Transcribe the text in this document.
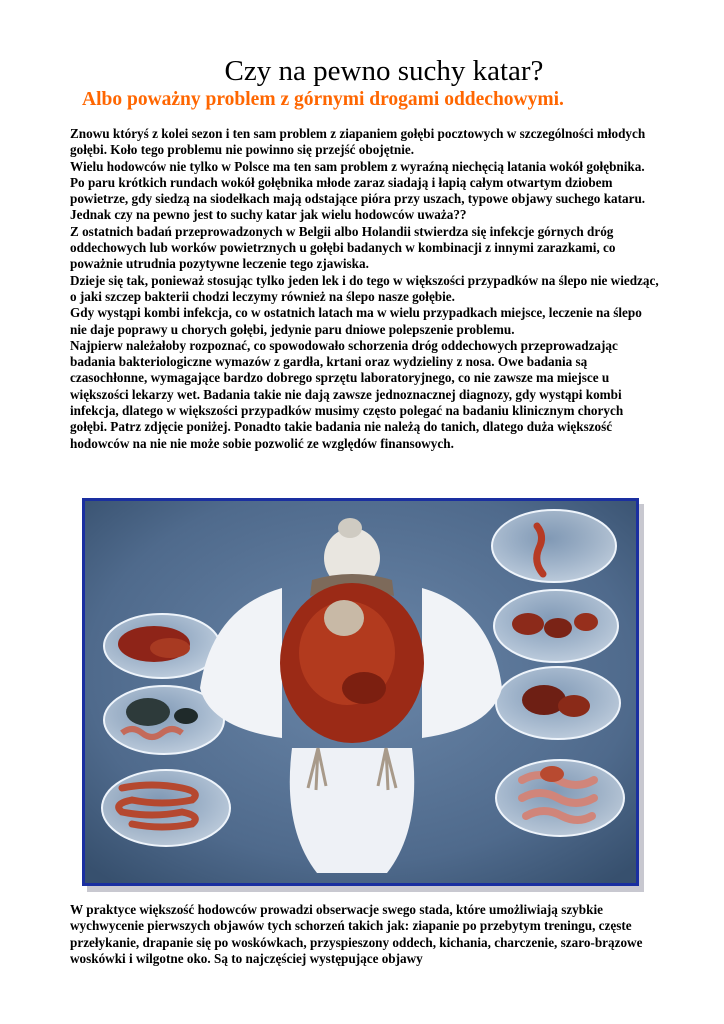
Czy na pewno suchy katar?
Albo poważny problem z górnymi drogami oddechowymi.

Znowu któryś z kolei sezon i ten sam problem z ziapaniem gołębi pocztowych w szczególności młodych gołębi. Koło tego problemu nie powinno się przejść obojętnie.

Wielu hodowców nie tylko w Polsce ma ten sam problem z wyraźną niechęcią latania wokół gołębnika. Po paru krótkich rundach wokół gołębnika młode zaraz siadają i łapią całym otwartym dziobem powietrze, gdy siedzą na siodełkach mają odstające pióra przy uszach, typowe objawy suchego kataru. Jednak czy na pewno jest to suchy katar jak wielu hodowców uważa??

Z ostatnich badań przeprowadzonych w Belgii albo Holandii stwierdza się infekcje górnych dróg oddechowych lub worków powietrznych u gołębi badanych w kombinacji z innymi zarazkami, co poważnie utrudnia pozytywne leczenie tego zjawiska.

Dzieje się tak, ponieważ stosując tylko jeden lek i do tego w większości przypadków na ślepo nie wiedząc, o jaki szczep bakterii chodzi leczymy również na ślepo nasze gołębie.

Gdy wystąpi kombi infekcja, co w ostatnich latach ma w wielu przypadkach miejsce, leczenie na ślepo nie daje poprawy u chorych gołębi, jedynie paru dniowe polepszenie problemu.

Najpierw należałoby rozpoznać, co spowodowało schorzenia dróg oddechowych przeprowadzając badania bakteriologiczne wymazów z gardła, krtani oraz wydzieliny z nosa. Owe badania są czasochłonne, wymagające bardzo dobrego sprzętu laboratoryjnego, co nie zawsze ma miejsce u większości lekarzy wet. Badania takie nie dają zawsze jednoznacznej diagnozy, gdy wystąpi kombi infekcja, dlatego w większości przypadków musimy często polegać na badaniu klinicznym chorych gołębi. Patrz zdjęcie poniżej. Ponadto takie badania nie należą do tanich, dlatego duża większość hodowców na nie nie może sobie pozwolić ze względów finansowych.

W praktyce większość hodowców prowadzi obserwacje swego stada, które umożliwiają szybkie wychwycenie pierwszych objawów tych schorzeń takich jak: ziapanie po przebytym treningu, częste przełykanie, drapanie się po woskówkach, przyspieszony oddech, kichania, charczenie, szaro-brązowe woskówki i wilgotne oko. Są to najczęściej występujące objawy
